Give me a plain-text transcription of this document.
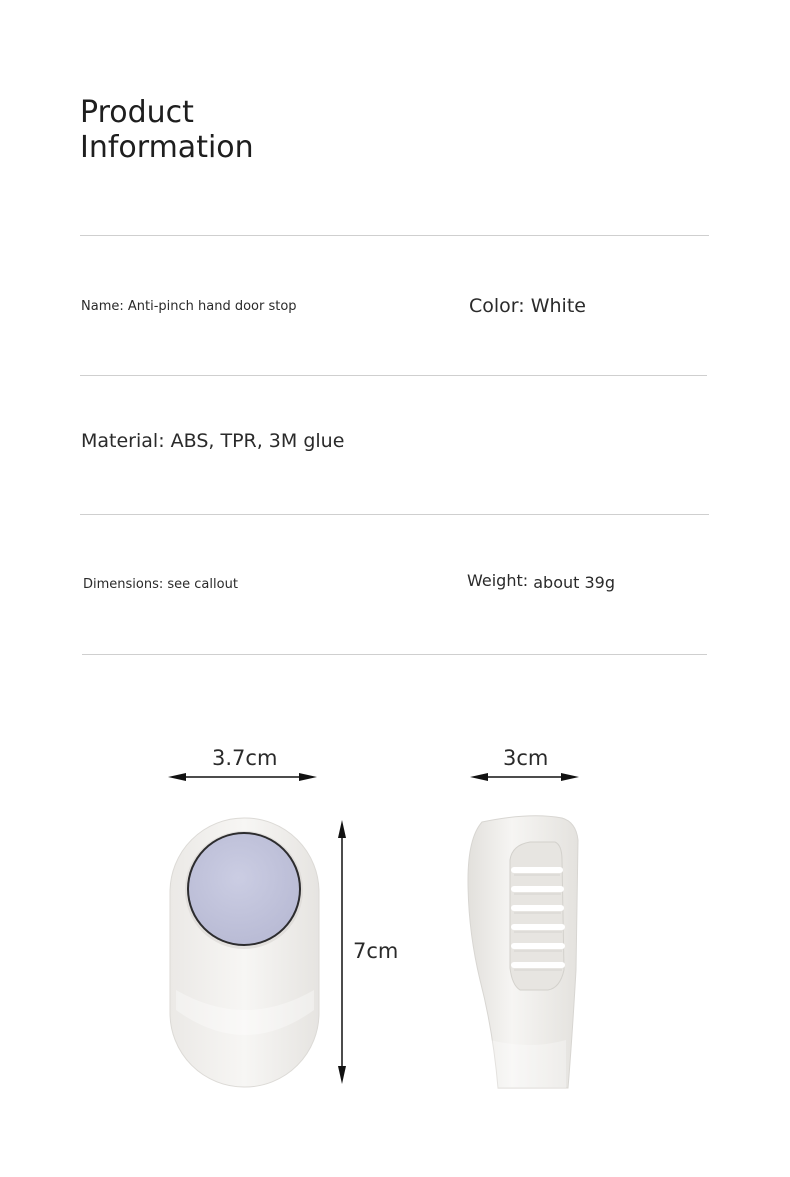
Product
Information
Name: Anti-pinch hand door stop	Color: White
Material: ABS, TPR, 3M glue
Dimensions: see callout	Weight: about 39g
3.7cm	3cm
7cm
